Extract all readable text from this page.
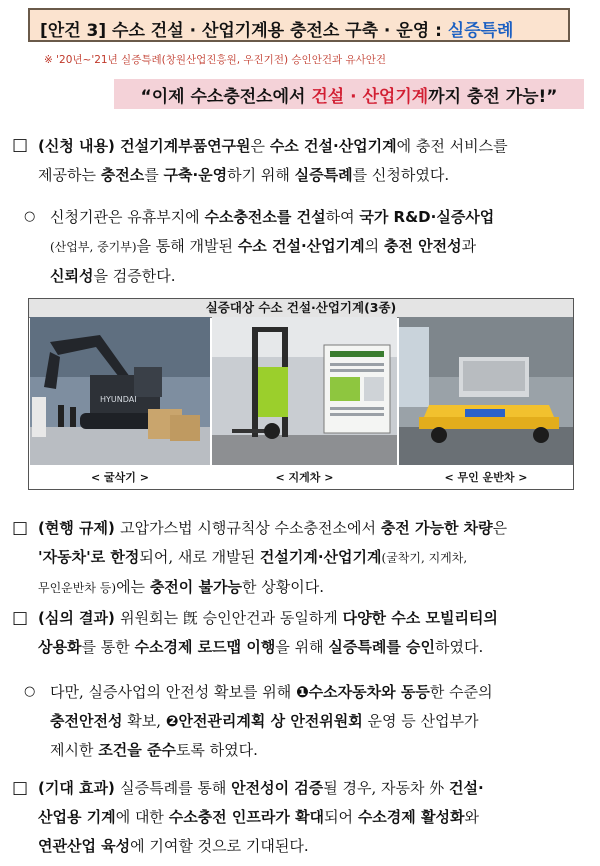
[안건 3] 수소 건설 · 산업기계용 충전소 구축 · 운영 : 실증특례
※ '20년~'21년 실증특례(창원산업진흥원, 우진기전) 승인안건과 유사안건
“이제 수소충전소에서 건설 · 산업기계까지 충전 가능!”
□ (신청 내용) 건설기계부품연구원은 수소 건설·산업기계에 충전 서비스를
제공하는 충전소를 구축·운영하기 위해 실증특례를 신청하였다.
○ 신청기관은 유휴부지에 수소충전소를 건설하여 국가 R&D·실증사업
(산업부, 중기부)을 통해 개발된 수소 건설·산업기계의 충전 안전성과
신뢰성을 검증한다.
실증대상 수소 건설·산업기계(3종)
HYUNDAI
< 굴삭기 >	< 지게차 >	< 무인 운반차 >
□ (현행 규제) 고압가스법 시행규칙상 수소충전소에서 충전 가능한 차량은
'자동차'로 한정되어, 새로 개발된 건설기계·산업기계(굴착기, 지게차,
무인운반차 등)에는 충전이 불가능한 상황이다.
□ (심의 결과) 위원회는 旣 승인안건과 동일하게 다양한 수소 모빌리티의
상용화를 통한 수소경제 로드맵 이행을 위해 실증특례를 승인하였다.
○ 다만, 실증사업의 안전성 확보를 위해 ❶수소자동차와 동등한 수준의
충전안전성 확보, ❷안전관리계획 상 안전위원회 운영 등 산업부가
제시한 조건을 준수토록 하였다.
□ (기대 효과) 실증특례를 통해 안전성이 검증될 경우, 자동차 外 건설·
산업용 기계에 대한 수소충전 인프라가 확대되어 수소경제 활성화와
연관산업 육성에 기여할 것으로 기대된다.
